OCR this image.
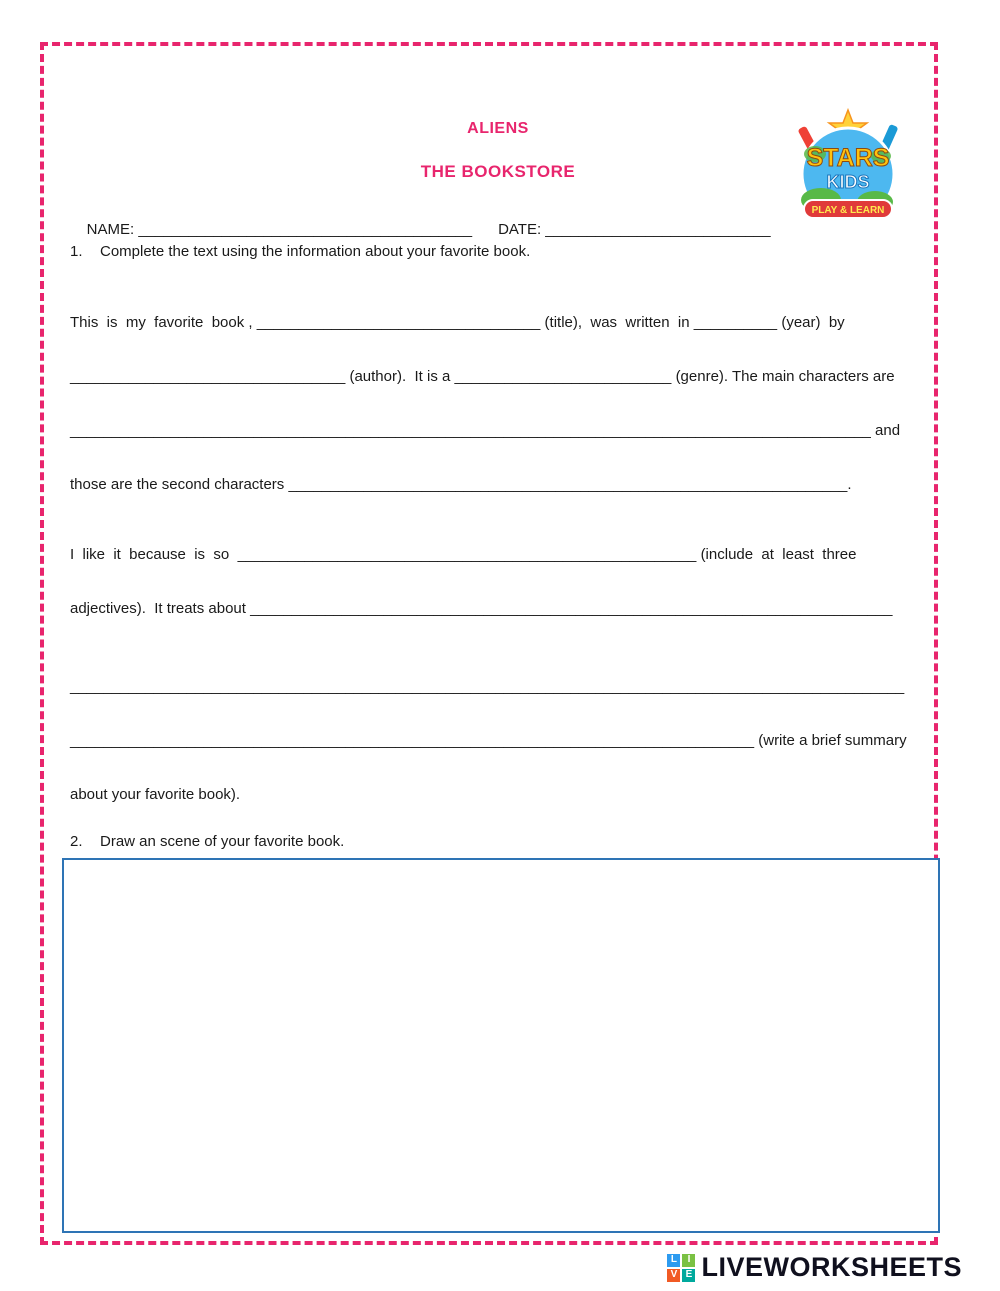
STARS
KIDS
PLAY & LEARN
ALIENS
THE BOOKSTORE

NAME: ________________________________________ DATE: ___________________________

1. Complete the text using the information about your favorite book.
This  is  my  favorite  book , __________________________________ (title),  was  written  in __________ (year)  by
_________________________________ (author).  It is a __________________________ (genre). The main characters are
________________________________________________________________________________________________ and
those are the second characters ___________________________________________________________________.
I  like  it  because  is  so  _______________________________________________________ (include  at  least  three
adjectives).  It treats about _____________________________________________________________________________
____________________________________________________________________________________________________
__________________________________________________________________________________ (write a brief summary
about your favorite book).
2. Draw an scene of your favorite book.
L	I
V E LIVEWORKSHEETS
